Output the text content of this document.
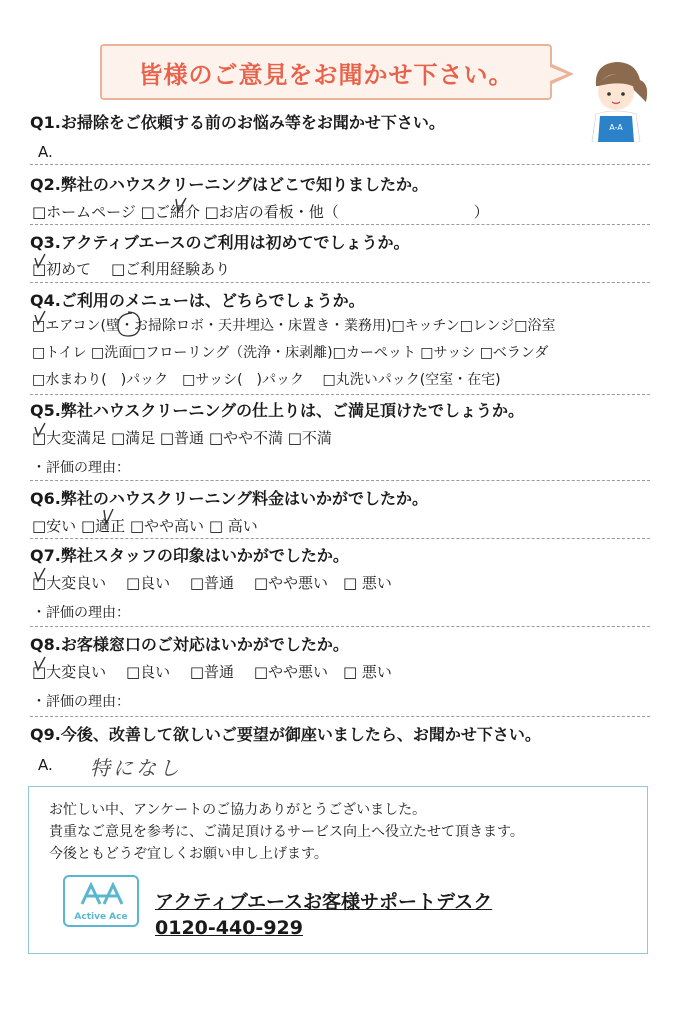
皆様のご意見をお聞かせ下さい。
A-A
Q1.お掃除をご依頼する前のお悩み等をお聞かせ下さい。
A.
Q2.弊社のハウスクリーニングはどこで知りましたか。
□ホームページ □ご紹介 □お店の看板・他（　　　　　　　　　）
Q3.アクティブエースのご利用は初めてでしょうか。
□初めて　 □ご利用経験あり
Q4.ご利用のメニューは、どちらでしょうか。
□エアコン(壁・お掃除ロボ・天井埋込・床置き・業務用)□キッチン□レンジ□浴室
□トイレ □洗面□フローリング（洗浄・床剥離)□カーペット □サッシ □ベランダ
□水まわり(　)パック　□サッシ(　)パック　 □丸洗いパック(空室・在宅)
Q5.弊社ハウスクリーニングの仕上りは、ご満足頂けたでしょうか。
□大変満足 □満足 □普通 □やや不満 □不満
・評価の理由：
Q6.弊社のハウスクリーニング料金はいかがでしたか。
□安い □適正 □やや高い □ 高い
Q7.弊社スタッフの印象はいかがでしたか。
□大変良い　 □良い　 □普通　 □やや悪い　□ 悪い
・評価の理由：
Q8.お客様窓口のご対応はいかがでしたか。
□大変良い　 □良い　 □普通　 □やや悪い　□ 悪い
・評価の理由：
Q9.今後、改善して欲しいご要望が御座いましたら、お聞かせ下さい。
A. 特になし
お忙しい中、アンケートのご協力ありがとうございました。
貴重なご意見を参考に、ご満足頂けるサービス向上へ役立たせて頂きます。
今後ともどうぞ宜しくお願い申し上げます。
Active Ace
アクティブエースお客様サポートデスク
0120-440-929
